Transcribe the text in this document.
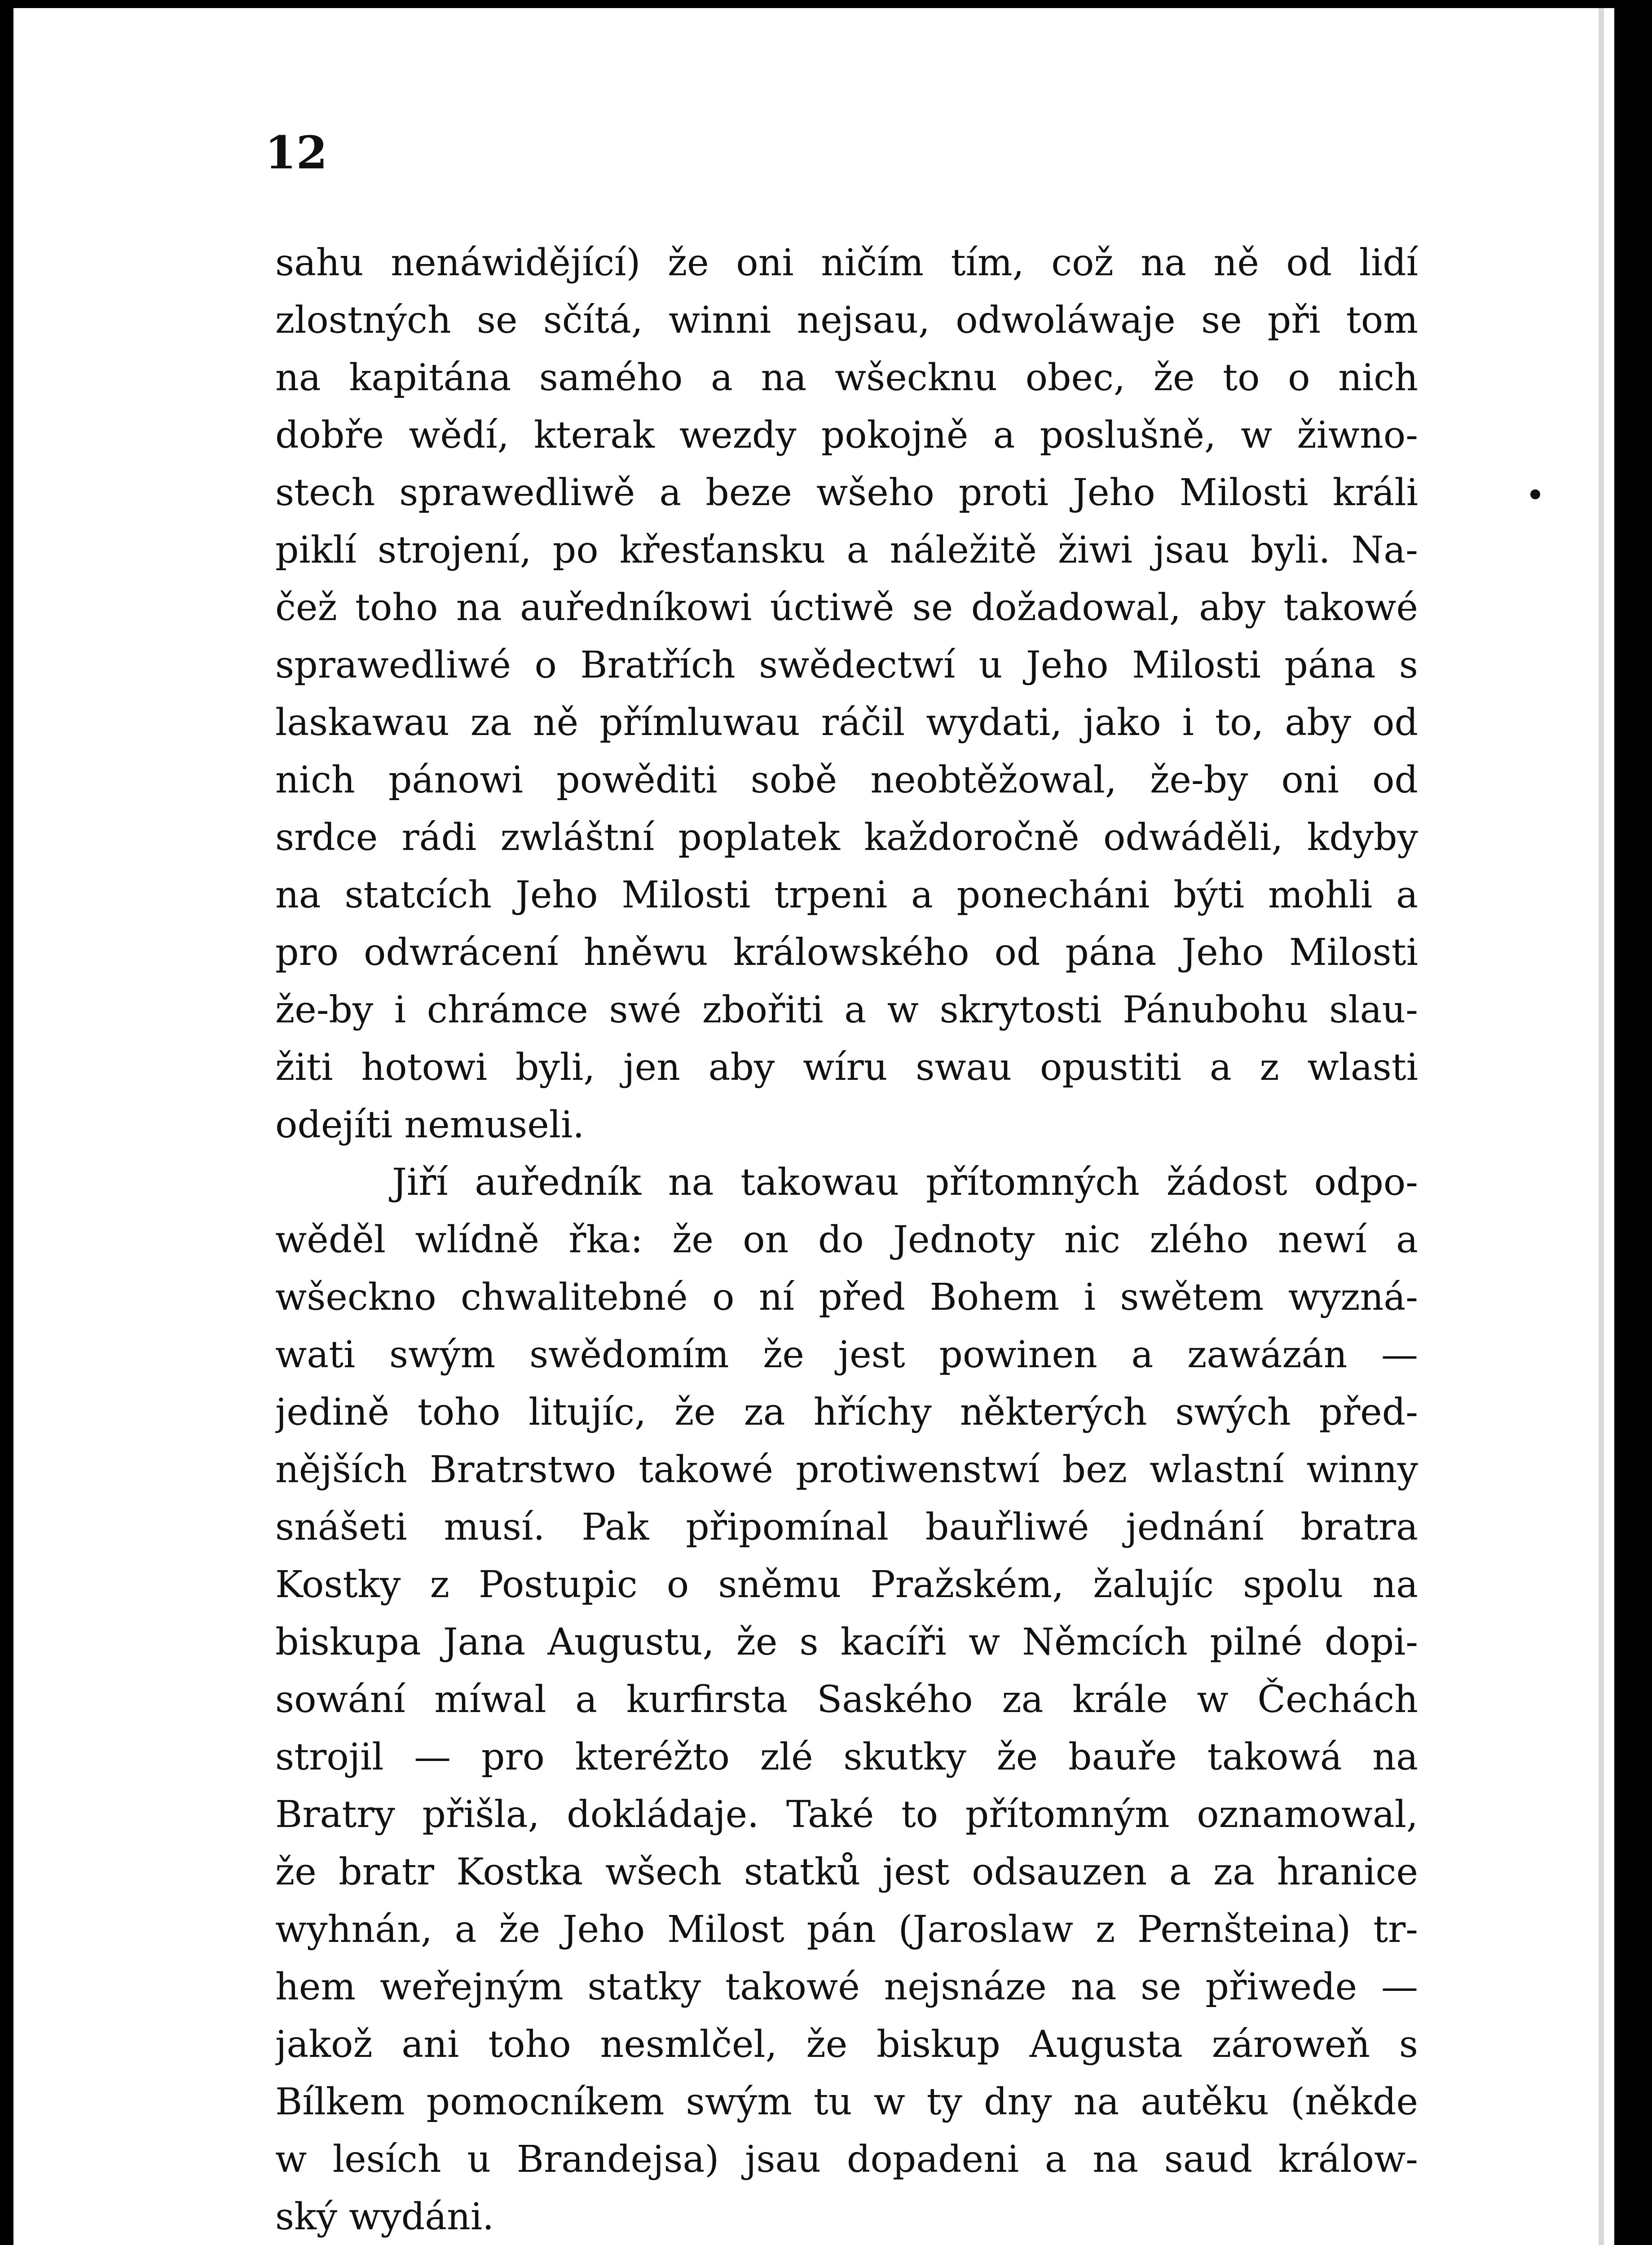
12
sahu nenáwidějící) že oni ničím tím, což na ně od lidí
zlostných se sčítá, winni nejsau, odwoláwaje se při tom
na kapitána samého a na wšecknu obec, že to o nich
dobře wědí, kterak wezdy pokojně a poslušně, w žiwno-
stech sprawedliwě a beze wšeho proti Jeho Milosti králi
piklí strojení, po křesťansku a náležitě žiwi jsau byli. Na-
čež toho na auředníkowi úctiwě se dožadowal, aby takowé
sprawedliwé o Bratřích swědectwí u Jeho Milosti pána s
laskawau za ně přímluwau ráčil wydati, jako i to, aby od
nich pánowi powěditi sobě neobtěžowal, že-by oni od
srdce rádi zwláštní poplatek každoročně odwáděli, kdyby
na statcích Jeho Milosti trpeni a ponecháni býti mohli a
pro odwrácení hněwu králowského od pána Jeho Milosti
že-by i chrámce swé zbořiti a w skrytosti Pánubohu slau-
žiti hotowi byli, jen aby wíru swau opustiti a z wlasti
odejíti nemuseli.
Jiří auředník na takowau přítomných žádost odpo-
wěděl wlídně řka: že on do Jednoty nic zlého newí a
wšeckno chwalitebné o ní před Bohem i swětem wyzná-
wati swým swědomím že jest powinen a zawázán —
jedině toho litujíc, že za hříchy některých swých před-
nějších Bratrstwo takowé protiwenstwí bez wlastní winny
snášeti musí. Pak připomínal bauřliwé jednání bratra
Kostky z Postupic o sněmu Pražském, žalujíc spolu na
biskupa Jana Augustu, že s kacíři w Němcích pilné dopi-
sowání míwal a kurfirsta Saského za krále w Čechách
strojil — pro kteréžto zlé skutky že bauře takowá na
Bratry přišla, dokládaje. Také to přítomným oznamowal,
že bratr Kostka wšech statků jest odsauzen a za hranice
wyhnán, a že Jeho Milost pán (Jaroslaw z Pernšteina) tr-
hem weřejným statky takowé nejsnáze na se přiwede —
jakož ani toho nesmlčel, že biskup Augusta zároweň s
Bílkem pomocníkem swým tu w ty dny na autěku (někde
w lesích u Brandejsa) jsau dopadeni a na saud králow-
ský wydáni.
